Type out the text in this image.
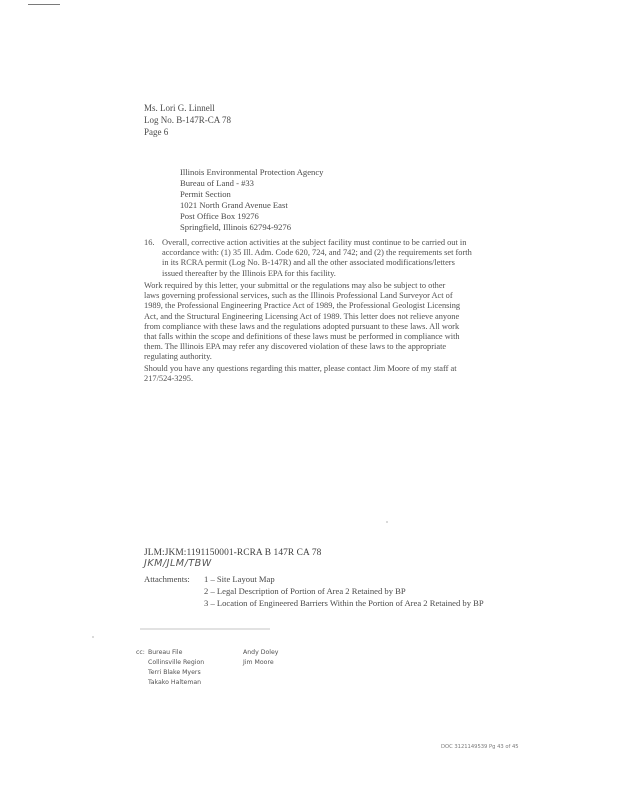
Ms. Lori G. Linnell
Log No. B-147R-CA 78
Page 6
Illinois Environmental Protection Agency
Bureau of Land - #33
Permit Section
1021 North Grand Avenue East
Post Office Box 19276
Springfield, Illinois 62794-9276
16. Overall, corrective action activities at the subject facility must continue to be carried out in
accordance with: (1) 35 Ill. Adm. Code 620, 724, and 742; and (2) the requirements set forth
in its RCRA permit (Log No. B-147R) and all the other associated modifications/letters
issued thereafter by the Illinois EPA for this facility.
Work required by this letter, your submittal or the regulations may also be subject to other
laws governing professional services, such as the Illinois Professional Land Surveyor Act of
1989, the Professional Engineering Practice Act of 1989, the Professional Geologist Licensing
Act, and the Structural Engineering Licensing Act of 1989. This letter does not relieve anyone
from compliance with these laws and the regulations adopted pursuant to these laws. All work
that falls within the scope and definitions of these laws must be performed in compliance with
them. The Illinois EPA may refer any discovered violation of these laws to the appropriate
regulating authority.
Should you have any questions regarding this matter, please contact Jim Moore of my staff at
217/524-3295.
JLM:JKM:1191150001-RCRA B 147R CA 78
JKM/JLM/TBW
Attachments: 1 – Site Layout Map
2 – Legal Description of Portion of Area 2 Retained by BP
3 – Location of Engineered Barriers Within the Portion of Area 2 Retained by BP
cc: Bureau File
Collinsville Region
Terri Blake Myers
Takako Halteman
Andy Doley
Jim Moore
DOC 3121149539 Pg 43 of 45
